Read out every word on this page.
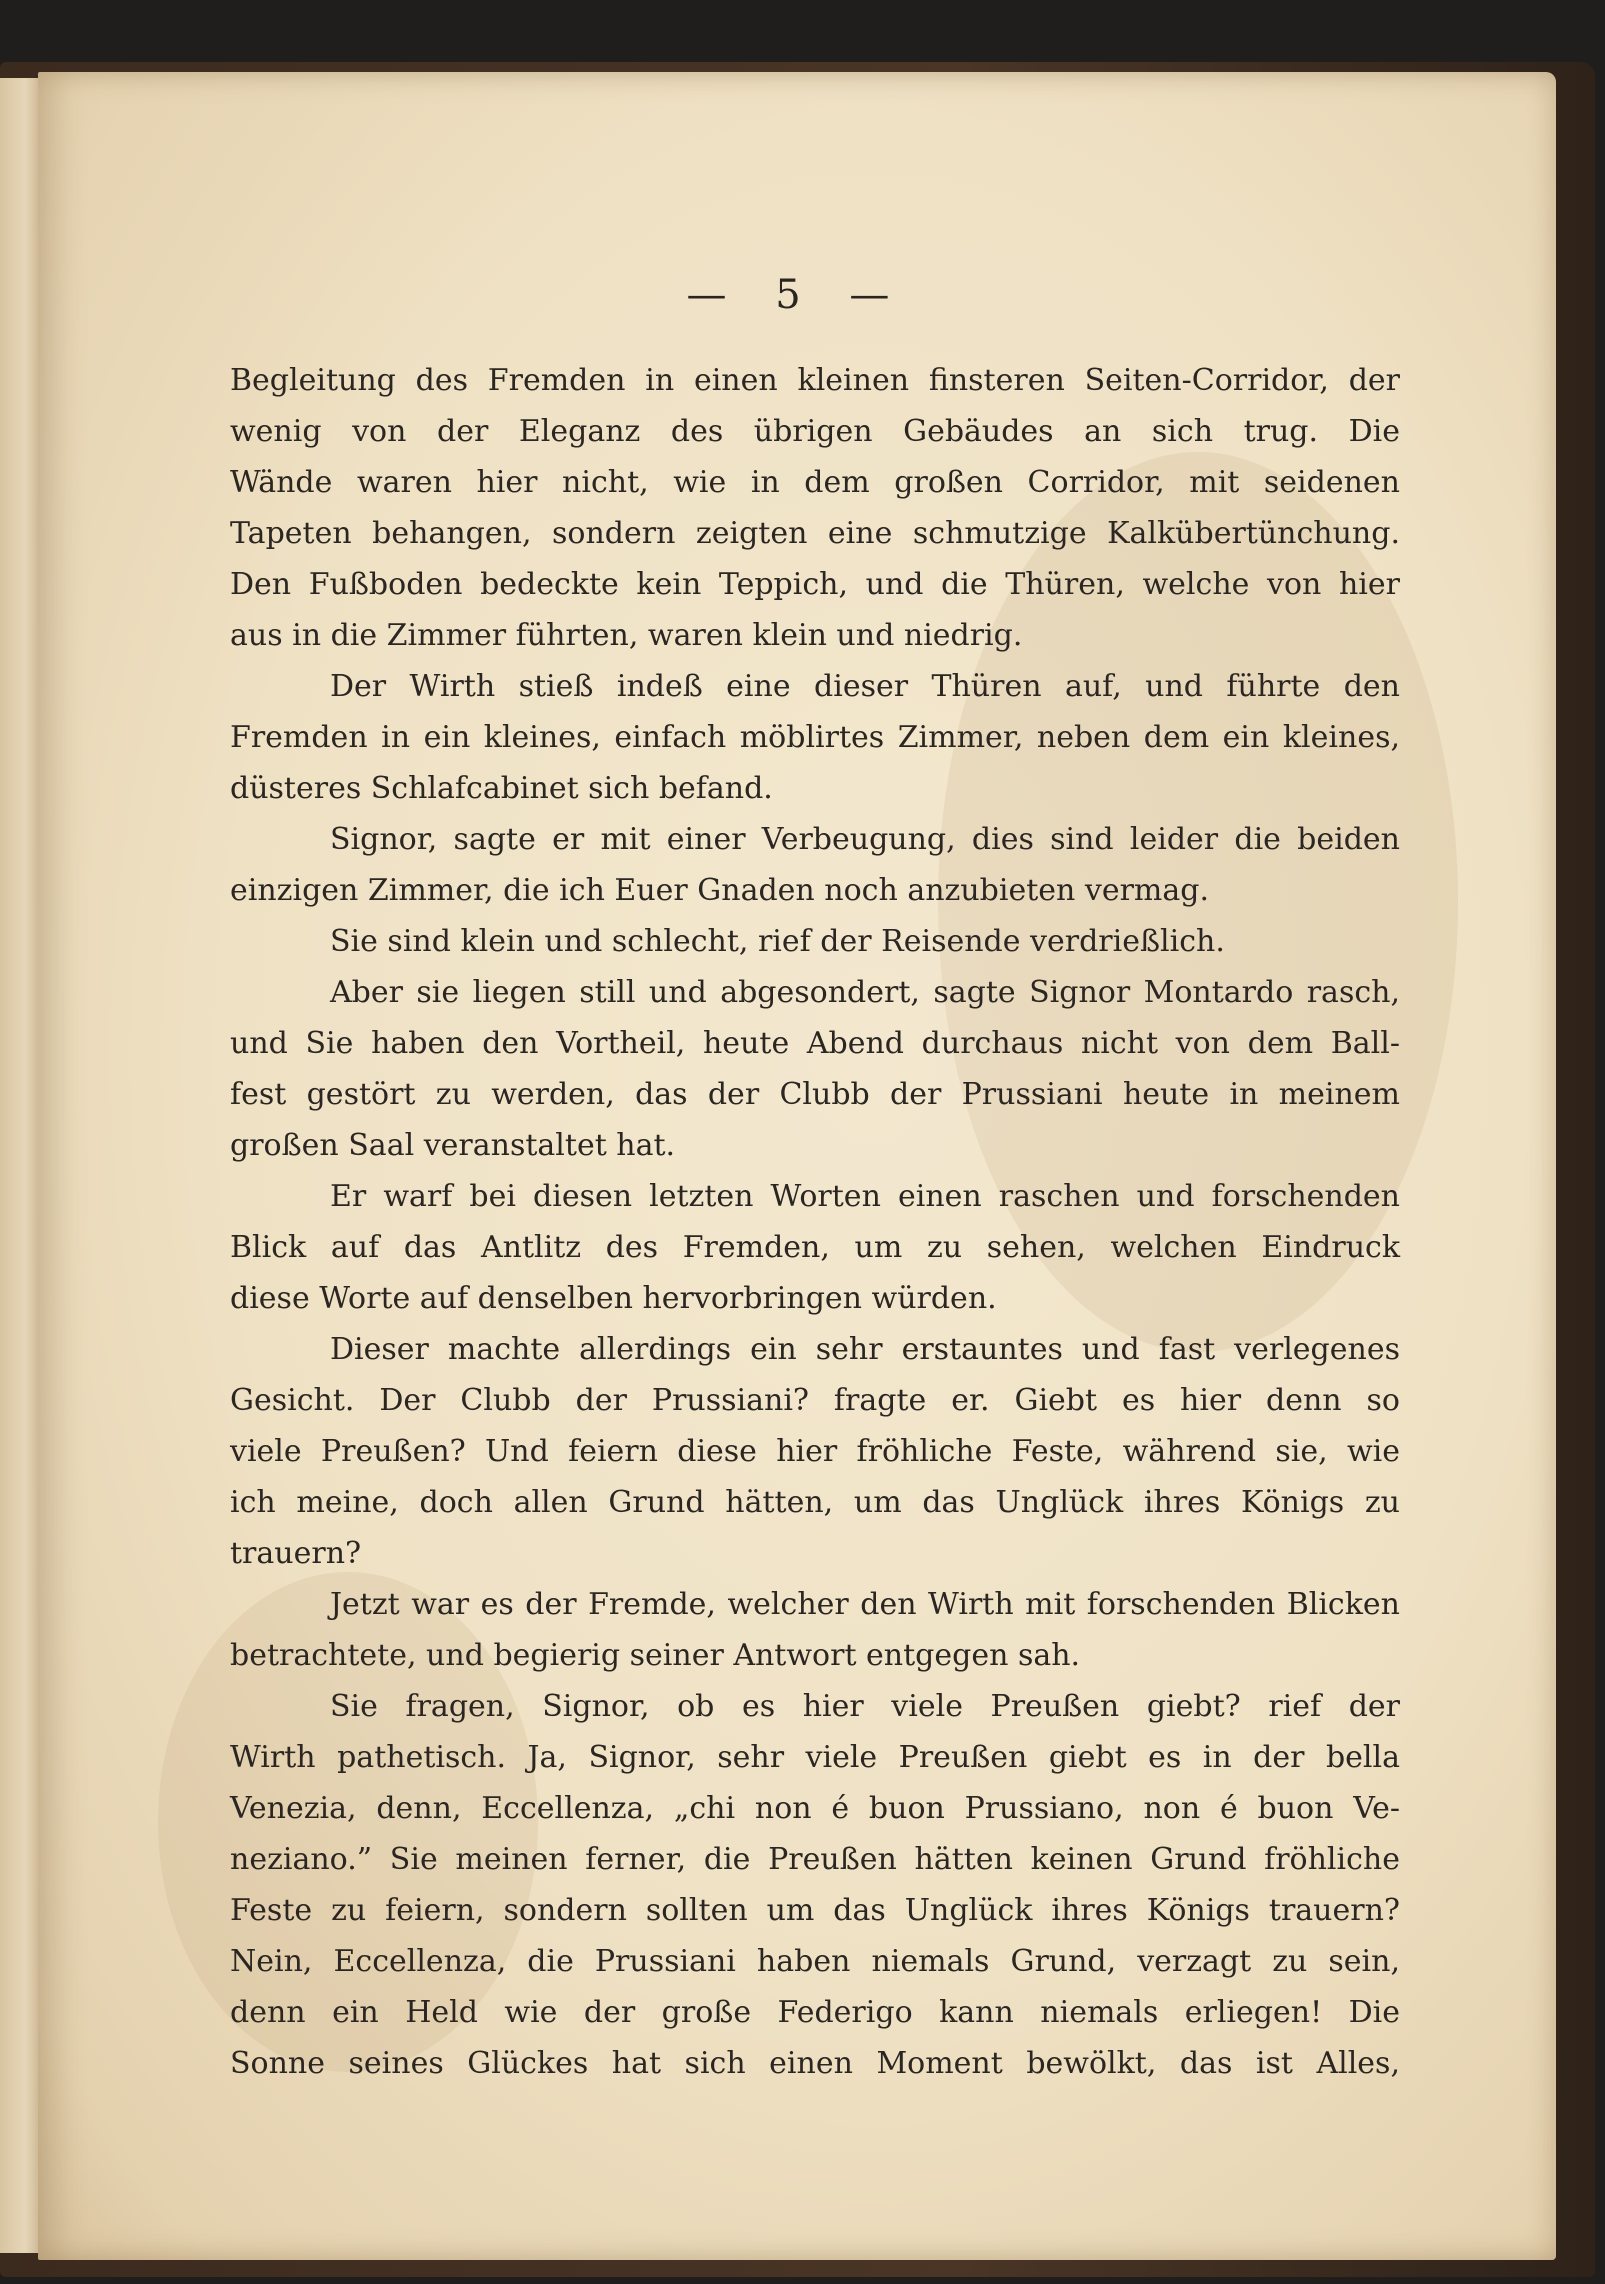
— 5 —
Begleitung des Fremden in einen kleinen finsteren Seiten-Corridor, der
wenig von der Eleganz des übrigen Gebäudes an sich trug. Die
Wände waren hier nicht, wie in dem großen Corridor, mit seidenen
Tapeten behangen, sondern zeigten eine schmutzige Kalkübertünchung.
Den Fußboden bedeckte kein Teppich, und die Thüren, welche von hier
aus in die Zimmer führten, waren klein und niedrig.
Der Wirth stieß indeß eine dieser Thüren auf, und führte den
Fremden in ein kleines, einfach möblirtes Zimmer, neben dem ein kleines,
düsteres Schlafcabinet sich befand.
Signor, sagte er mit einer Verbeugung, dies sind leider die beiden
einzigen Zimmer, die ich Euer Gnaden noch anzubieten vermag.
Sie sind klein und schlecht, rief der Reisende verdrießlich.
Aber sie liegen still und abgesondert, sagte Signor Montardo rasch,
und Sie haben den Vortheil, heute Abend durchaus nicht von dem Ball-
fest gestört zu werden, das der Clubb der Prussiani heute in meinem
großen Saal veranstaltet hat.
Er warf bei diesen letzten Worten einen raschen und forschenden
Blick auf das Antlitz des Fremden, um zu sehen, welchen Eindruck
diese Worte auf denselben hervorbringen würden.
Dieser machte allerdings ein sehr erstauntes und fast verlegenes
Gesicht. Der Clubb der Prussiani? fragte er. Giebt es hier denn so
viele Preußen? Und feiern diese hier fröhliche Feste, während sie, wie
ich meine, doch allen Grund hätten, um das Unglück ihres Königs zu
trauern?
Jetzt war es der Fremde, welcher den Wirth mit forschenden Blicken
betrachtete, und begierig seiner Antwort entgegen sah.
Sie fragen, Signor, ob es hier viele Preußen giebt? rief der
Wirth pathetisch. Ja, Signor, sehr viele Preußen giebt es in der bella
Venezia, denn, Eccellenza, „chi non é buon Prussiano, non é buon Ve-
neziano.” Sie meinen ferner, die Preußen hätten keinen Grund fröhliche
Feste zu feiern, sondern sollten um das Unglück ihres Königs trauern?
Nein, Eccellenza, die Prussiani haben niemals Grund, verzagt zu sein,
denn ein Held wie der große Federigo kann niemals erliegen! Die
Sonne seines Glückes hat sich einen Moment bewölkt, das ist Alles,
